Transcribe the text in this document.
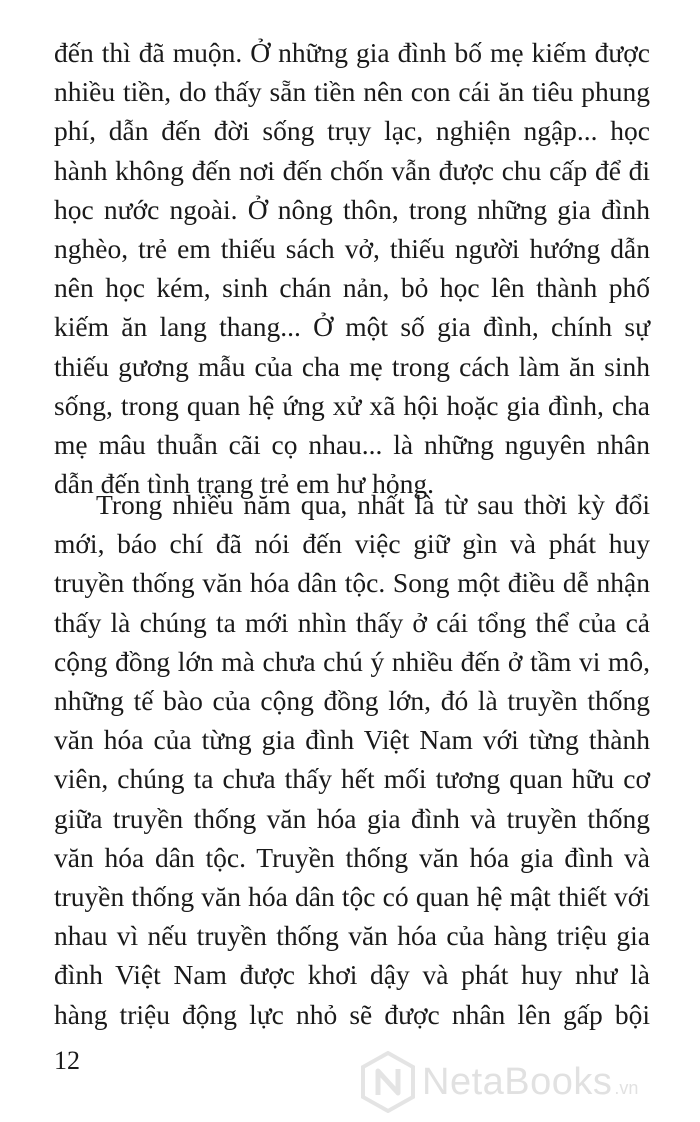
đến thì đã muộn. Ở những gia đình bố mẹ kiếm được nhiều tiền, do thấy sẵn tiền nên con cái ăn tiêu phung phí, dẫn đến đời sống trụy lạc, nghiện ngập... học hành không đến nơi đến chốn vẫn được chu cấp để đi học nước ngoài. Ở nông thôn, trong những gia đình nghèo, trẻ em thiếu sách vở, thiếu người hướng dẫn nên học kém, sinh chán nản, bỏ học lên thành phố kiếm ăn lang thang... Ở một số gia đình, chính sự thiếu gương mẫu của cha mẹ trong cách làm ăn sinh sống, trong quan hệ ứng xử xã hội hoặc gia đình, cha mẹ mâu thuẫn cãi cọ nhau... là những nguyên nhân dẫn đến tình trạng trẻ em hư hỏng.
Trong nhiều năm qua, nhất là từ sau thời kỳ đổi mới, báo chí đã nói đến việc giữ gìn và phát huy truyền thống văn hóa dân tộc. Song một điều dễ nhận thấy là chúng ta mới nhìn thấy ở cái tổng thể của cả cộng đồng lớn mà chưa chú ý nhiều đến ở tầm vi mô, những tế bào của cộng đồng lớn, đó là truyền thống văn hóa của từng gia đình Việt Nam với từng thành viên, chúng ta chưa thấy hết mối tương quan hữu cơ giữa truyền thống văn hóa gia đình và truyền thống văn hóa dân tộc. Truyền thống văn hóa gia đình và truyền thống văn hóa dân tộc có quan hệ mật thiết với nhau vì nếu truyền thống văn hóa của hàng triệu gia đình Việt Nam được khơi dậy và phát huy như là hàng triệu động lực nhỏ sẽ được nhân lên gấp bội
12	NetaBooks .vn
